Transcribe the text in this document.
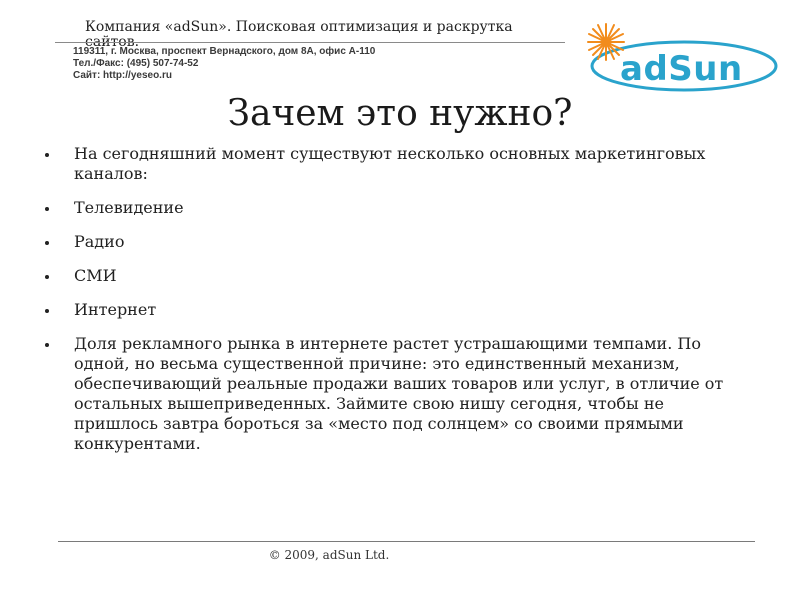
Компания «adSun». Поисковая оптимизация и раскрутка сайтов.
119311, г. Москва, проспект Вернадского, дом 8А, офис А-110
Тел./Факс: (495) 507-74-52
Сайт: http://yeseo.ru	adSun
Зачем это нужно?
На сегодняшний момент существуют несколько основных маркетинговых каналов:
Телевидение
Радио
СМИ
Интернет
Доля рекламного рынка в интернете растет устрашающими темпами. По одной, но весьма существенной причине: это единственный механизм, обеспечивающий реальные продажи ваших товаров или услуг, в отличие от остальных вышеприведенных. Займите свою нишу сегодня, чтобы не пришлось завтра бороться за «место под солнцем» со своими прямыми конкурентами.
© 2009, adSun Ltd.
